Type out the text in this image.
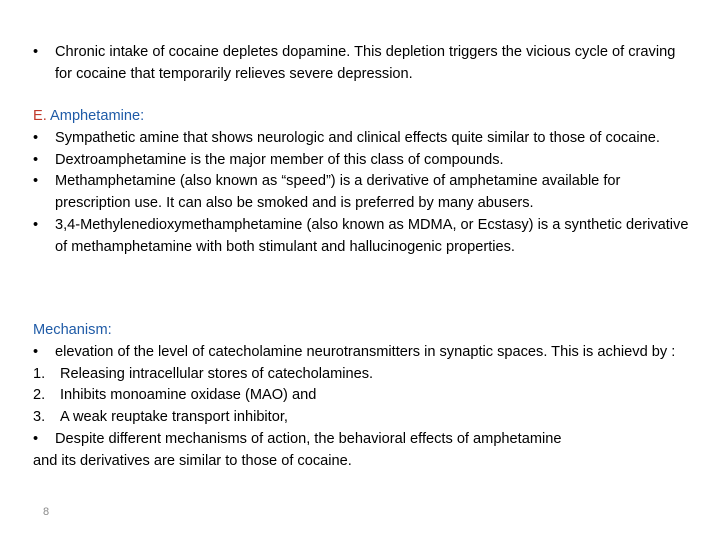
•	Chronic intake of cocaine depletes dopamine. This depletion triggers the vicious cycle of craving for cocaine that temporarily relieves severe depression.
E. Amphetamine:
•	Sympathetic amine that shows neurologic and clinical effects quite similar to those of cocaine.
•	Dextroamphetamine is the major member of this class of compounds.
•	Methamphetamine (also known as “speed”) is a derivative of amphetamine available for prescription use. It can also be smoked and is preferred by many abusers.
•	3,4-Methylenedioxymethamphetamine (also known as MDMA, or Ecstasy) is a synthetic derivative of methamphetamine with both stimulant and hallucinogenic properties.
Mechanism:
•	elevation of the level of catecholamine neurotransmitters in synaptic spaces. This is achievd by :
1.	Releasing intracellular stores of catecholamines.
2.	Inhibits monoamine oxidase (MAO) and
3.	A weak reuptake transport inhibitor,
•	Despite different mechanisms of action, the behavioral effects of amphetamine
and its derivatives are similar to those of cocaine.
8
